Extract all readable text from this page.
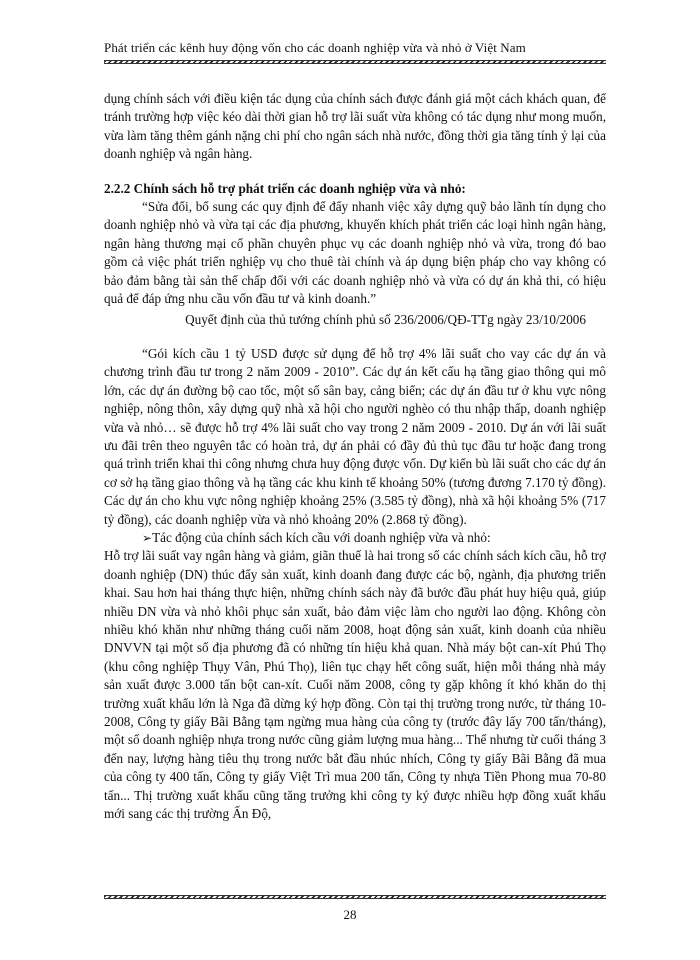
Phát triển các kênh huy động vốn cho các doanh nghiệp vừa và nhỏ ở Việt Nam

dụng chính sách với điều kiện tác dụng của chính sách được đánh giá một cách khách quan, để tránh trường hợp việc kéo dài thời gian hỗ trợ lãi suất vừa không có tác dụng như mong muốn, vừa làm tăng thêm gánh nặng chi phí cho ngân sách nhà nước, đồng thời gia tăng tính ỷ lại của doanh nghiệp và ngân hàng.

2.2.2 Chính sách hỗ trợ phát triển các doanh nghiệp vừa và nhỏ:

“Sửa đổi, bổ sung các quy định để đẩy nhanh việc xây dựng quỹ bảo lãnh tín dụng cho doanh nghiệp nhỏ và vừa tại các địa phương, khuyến khích phát triển các loại hình ngân hàng, ngân hàng thương mại cổ phần chuyên phục vụ các doanh nghiệp nhỏ và vừa, trong đó bao gồm cả việc phát triển nghiệp vụ cho thuê tài chính và áp dụng biện pháp cho vay không có bảo đảm bằng tài sản thế chấp đối với các doanh nghiệp nhỏ và vừa có dự án khả thi, có hiệu quả để đáp ứng nhu cầu vốn đầu tư và kinh doanh.”

Quyết định của thủ tướng chính phủ số 236/2006/QĐ-TTg ngày 23/10/2006

“Gói kích cầu 1 tỷ USD được sử dụng để hỗ trợ 4% lãi suất cho vay các dự án và chương trình đầu tư trong 2 năm 2009 - 2010”. Các dự án kết cấu hạ tầng giao thông qui mô lớn, các dự án đường bộ cao tốc, một số sân bay, cảng biển; các dự án đầu tư ở khu vực nông nghiệp, nông thôn, xây dựng quỹ nhà xã hội cho người nghèo có thu nhập thấp, doanh nghiệp vừa và nhỏ… sẽ được hỗ trợ 4% lãi suất cho vay trong 2 năm 2009 - 2010. Dự án với lãi suất ưu đãi trên theo nguyên tắc có hoàn trả, dự án phải có đầy đủ thủ tục đầu tư hoặc đang trong quá trình triển khai thi công nhưng chưa huy động được vốn. Dự kiến bù lãi suất cho các dự án cơ sở hạ tầng giao thông và hạ tầng các khu kinh tế khoảng 50% (tương đương 7.170 tỷ đồng). Các dự án cho khu vực nông nghiệp khoảng 25% (3.585 tỷ đồng), nhà xã hội khoảng 5% (717 tỷ đồng), các doanh nghiệp vừa và nhỏ khoảng 20% (2.868 tỷ đồng).

➢Tác động của chính sách kích cầu với doanh nghiệp vừa và nhỏ:

Hỗ trợ lãi suất vay ngân hàng và giảm, giãn thuế là hai trong số các chính sách kích cầu, hỗ trợ doanh nghiệp (DN) thúc đẩy sản xuất, kinh doanh đang được các bộ, ngành, địa phương triển khai. Sau hơn hai tháng thực hiện, những chính sách này đã bước đầu phát huy hiệu quả, giúp nhiều DN vừa và nhỏ khôi phục sản xuất, bảo đảm việc làm cho người lao động. Không còn nhiều khó khăn như những tháng cuối năm 2008, hoạt động sản xuất, kinh doanh của nhiều DNVVN tại một số địa phương đã có những tín hiệu khả quan. Nhà máy bột can-xít Phú Thọ (khu công nghiệp Thụy Vân, Phú Thọ), liên tục chạy hết công suất, hiện mỗi tháng nhà máy sản xuất được 3.000 tấn bột can-xít. Cuối năm 2008, công ty gặp không ít khó khăn do thị trường xuất khẩu lớn là Nga đã dừng ký hợp đồng. Còn tại thị trường trong nước, từ tháng 10-2008, Công ty giấy Bãi Bằng tạm ngừng mua hàng của công ty (trước đây lấy 700 tấn/tháng), một số doanh nghiệp nhựa trong nước cũng giảm lượng mua hàng... Thế nhưng từ cuối tháng 3 đến nay, lượng hàng tiêu thụ trong nước bắt đầu nhúc nhích, Công ty giấy Bãi Bằng đã mua của công ty 400 tấn, Công ty giấy Việt Trì mua 200 tấn, Công ty nhựa Tiền Phong mua 70-80 tấn... Thị trường xuất khẩu cũng tăng trưởng khi công ty ký được nhiều hợp đồng xuất khẩu mới sang các thị trường Ấn Độ,

28
